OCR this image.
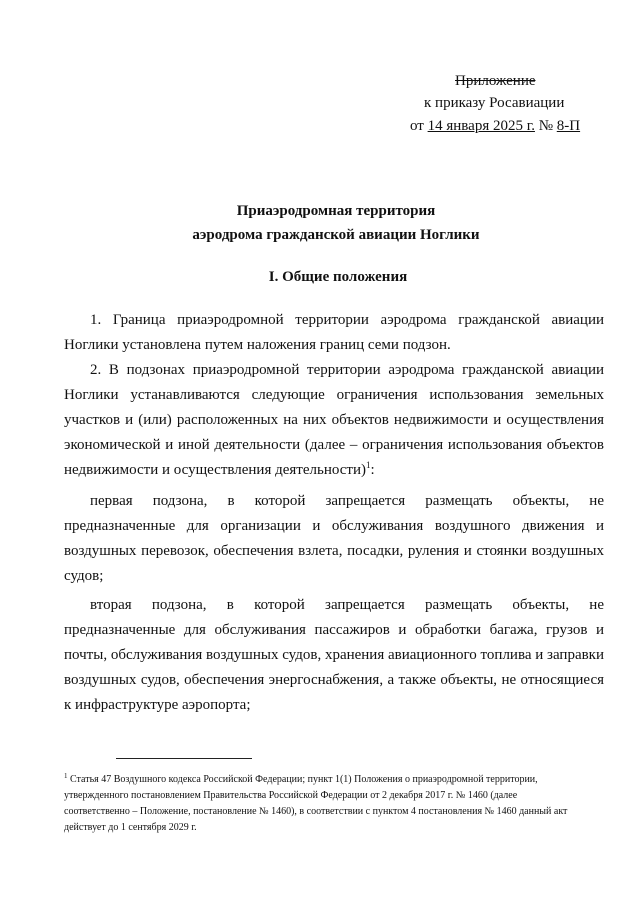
Приложение
к приказу Росавиации
от 14 января 2025 г. № 8-П
Приаэродромная территория
аэродрома гражданской авиации Ноглики
I. Общие положения
1. Граница приаэродромной территории аэродрома гражданской авиации
Ноглики установлена путем наложения границ семи подзон.
2. В подзонах приаэродромной территории аэродрома гражданской авиации
Ноглики устанавливаются следующие ограничения использования земельных
участков и (или) расположенных на них объектов недвижимости и осуществления
экономической и иной деятельности (далее – ограничения использования объектов
недвижимости и осуществления деятельности)$^1$:
первая подзона, в которой запрещается размещать объекты, не
предназначенные для организации и обслуживания воздушного движения и
воздушных перевозок, обеспечения взлета, посадки, руления и стоянки воздушных
судов;
вторая подзона, в которой запрещается размещать объекты, не
предназначенные для обслуживания пассажиров и обработки багажа, грузов и
почты, обслуживания воздушных судов, хранения авиационного топлива и заправки
воздушных судов, обеспечения энергоснабжения, а также объекты, не относящиеся
к инфраструктуре аэропорта;
$^1$ Статья 47 Воздушного кодекса Российской Федерации; пункт 1(1) Положения о приаэродромной территории,
утвержденного постановлением Правительства Российской Федерации от 2 декабря 2017 г. № 1460 (далее
соответственно – Положение, постановление № 1460), в соответствии с пунктом 4 постановления № 1460 данный акт
действует до 1 сентября 2029 г.
